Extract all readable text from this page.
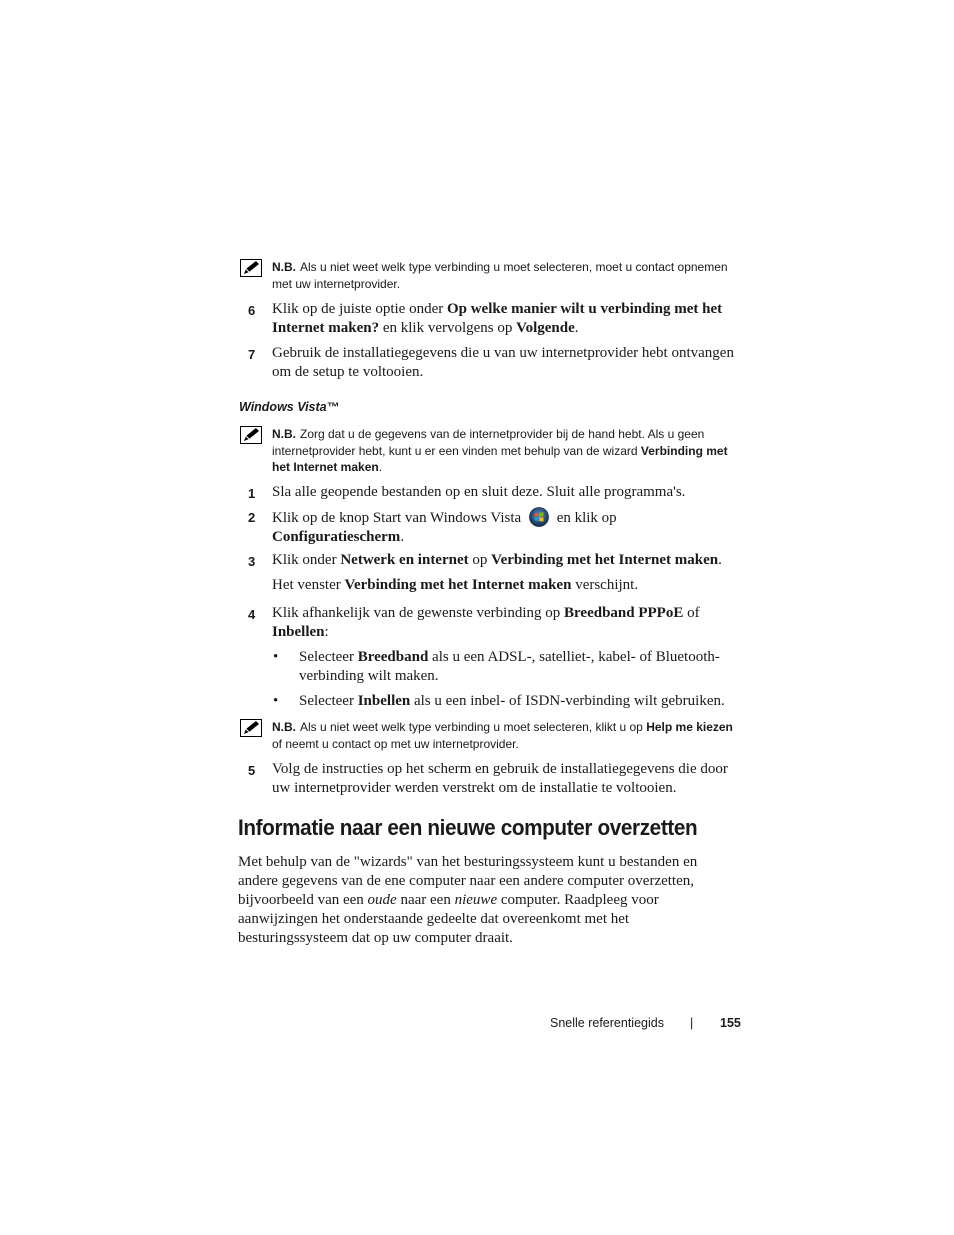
N.B. Als u niet weet welk type verbinding u moet selecteren, moet u contact opnemen met uw internetprovider.
6 Klik op de juiste optie onder Op welke manier wilt u verbinding met het Internet maken? en klik vervolgens op Volgende.
7 Gebruik de installatiegegevens die u van uw internetprovider hebt ontvangen om de setup te voltooien.
Windows Vista™
N.B. Zorg dat u de gegevens van de internetprovider bij de hand hebt. Als u geen internetprovider hebt, kunt u er een vinden met behulp van de wizard Verbinding met het Internet maken.
1 Sla alle geopende bestanden op en sluit deze. Sluit alle programma's.
2 Klik op de knop Start van Windows Vista en klik op
Configuratiescherm.
3 Klik onder Netwerk en internet op Verbinding met het Internet maken.
Het venster Verbinding met het Internet maken verschijnt.
4 Klik afhankelijk van de gewenste verbinding op Breedband PPPoE of
Inbellen:
• Selecteer Breedband als u een ADSL-, satelliet-, kabel- of Bluetooth-verbinding wilt maken.
• Selecteer Inbellen als u een inbel- of ISDN-verbinding wilt gebruiken.
N.B. Als u niet weet welk type verbinding u moet selecteren, klikt u op Help me kiezen of neemt u contact op met uw internetprovider.
5 Volg de instructies op het scherm en gebruik de installatiegegevens die door uw internetprovider werden verstrekt om de installatie te voltooien.
Informatie naar een nieuwe computer overzetten
Met behulp van de "wizards" van het besturingssysteem kunt u bestanden en andere gegevens van de ene computer naar een andere computer overzetten, bijvoorbeeld van een oude naar een nieuwe computer. Raadpleeg voor aanwijzingen het onderstaande gedeelte dat overeenkomt met het besturingssysteem dat op uw computer draait.
Snelle referentiegids | 155
